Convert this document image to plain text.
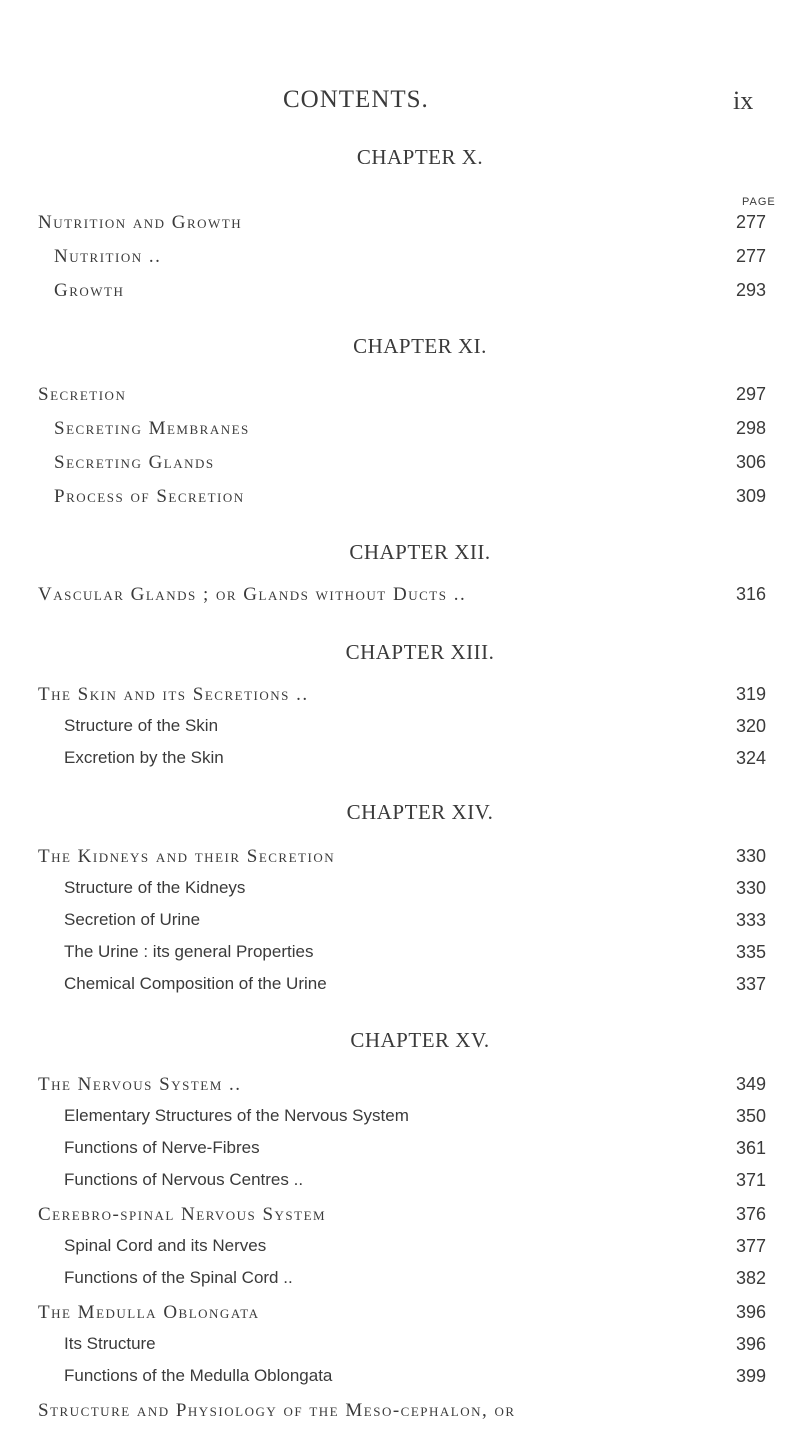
CONTENTS.	ix
CHAPTER X.
PAGE
Nutrition and Growth	277
Nutrition ..	277
Growth	293
CHAPTER XI.
Secretion	297
Secreting Membranes	298
Secreting Glands	306
Process of Secretion	309
CHAPTER XII.
Vascular Glands ; or Glands without Ducts ..	316
CHAPTER XIII.
The Skin and its Secretions ..	319
Structure of the Skin	320
Excretion by the Skin	324
CHAPTER XIV.
The Kidneys and their Secretion	330
Structure of the Kidneys	330
Secretion of Urine	333
The Urine : its general Properties	335
Chemical Composition of the Urine	337
CHAPTER XV.
The Nervous System ..	349
Elementary Structures of the Nervous System	350
Functions of Nerve-Fibres	361
Functions of Nervous Centres ..	371
Cerebro-spinal Nervous System	376
Spinal Cord and its Nerves	377
Functions of the Spinal Cord ..	382
The Medulla Oblongata	396
Its Structure	396
Functions of the Medulla Oblongata	399
Structure and Physiology of the Meso-cephalon, or
